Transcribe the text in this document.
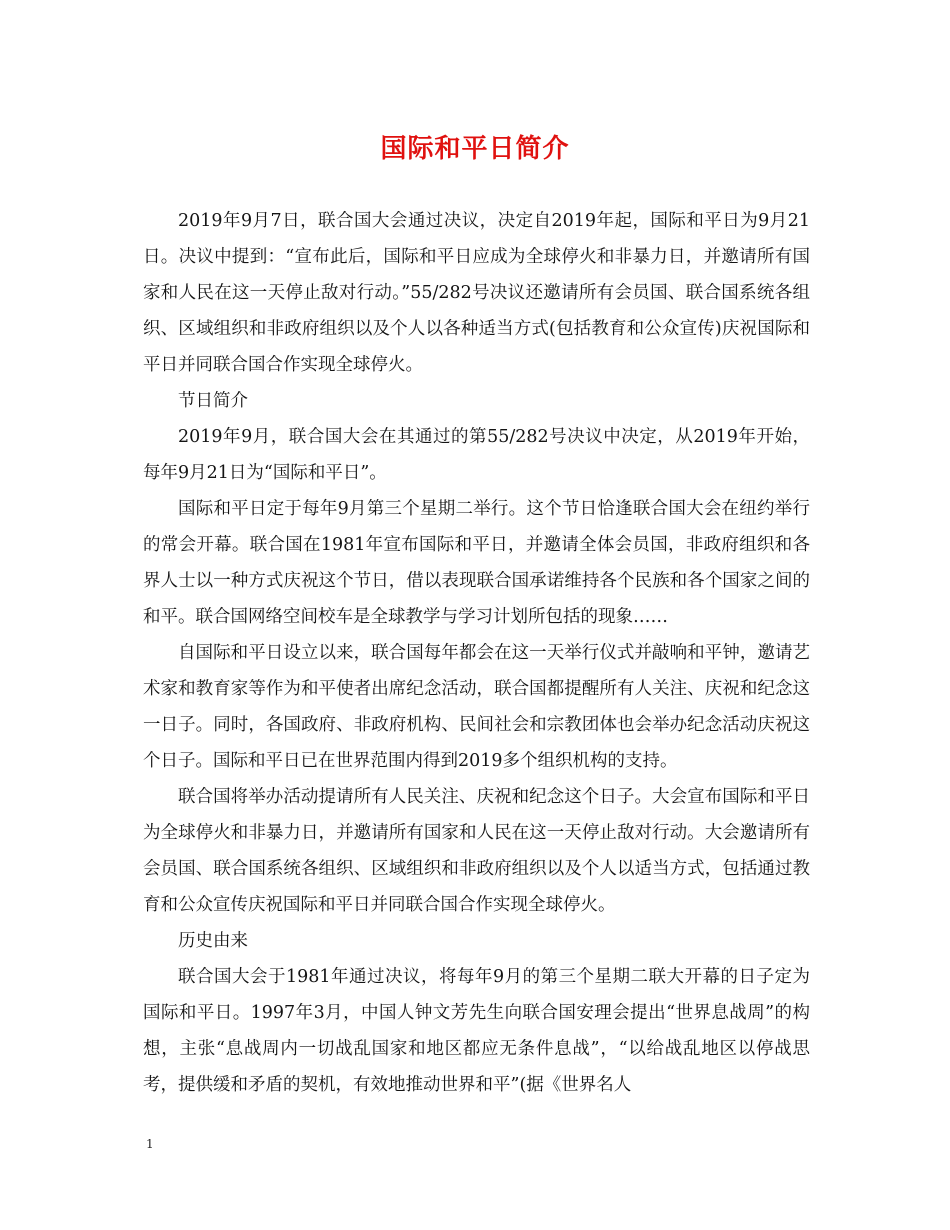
国际和平日简介

2019年9月7日，联合国大会通过决议，决定自2019年起，国际和平日为9月21日。决议中提到：“宣布此后，国际和平日应成为全球停火和非暴力日，并邀请所有国家和人民在这一天停止敌对行动。”55/282号决议还邀请所有会员国、联合国系统各组织、区域组织和非政府组织以及个人以各种适当方式(包括教育和公众宣传)庆祝国际和平日并同联合国合作实现全球停火。

节日简介

2019年9月，联合国大会在其通过的第55/282号决议中决定，从2019年开始，每年9月21日为“国际和平日”。

国际和平日定于每年9月第三个星期二举行。这个节日恰逢联合国大会在纽约举行的常会开幕。联合国在1981年宣布国际和平日，并邀请全体会员国，非政府组织和各界人士以一种方式庆祝这个节日，借以表现联合国承诺维持各个民族和各个国家之间的和平。联合国网络空间校车是全球教学与学习计划所包括的现象……

自国际和平日设立以来，联合国每年都会在这一天举行仪式并敲响和平钟，邀请艺术家和教育家等作为和平使者出席纪念活动，联合国都提醒所有人关注、庆祝和纪念这一日子。同时，各国政府、非政府机构、民间社会和宗教团体也会举办纪念活动庆祝这个日子。国际和平日已在世界范围内得到2019多个组织机构的支持。

联合国将举办活动提请所有人民关注、庆祝和纪念这个日子。大会宣布国际和平日为全球停火和非暴力日，并邀请所有国家和人民在这一天停止敌对行动。大会邀请所有会员国、联合国系统各组织、区域组织和非政府组织以及个人以适当方式，包括通过教育和公众宣传庆祝国际和平日并同联合国合作实现全球停火。

历史由来

联合国大会于1981年通过决议，将每年9月的第三个星期二联大开幕的日子定为国际和平日。1997年3月，中国人钟文芳先生向联合国安理会提出“世界息战周”的构想，主张“息战周内一切战乱国家和地区都应无条件息战”，“以给战乱地区以停战思考，提供缓和矛盾的契机，有效地推动世界和平”(据《世界名人

1
